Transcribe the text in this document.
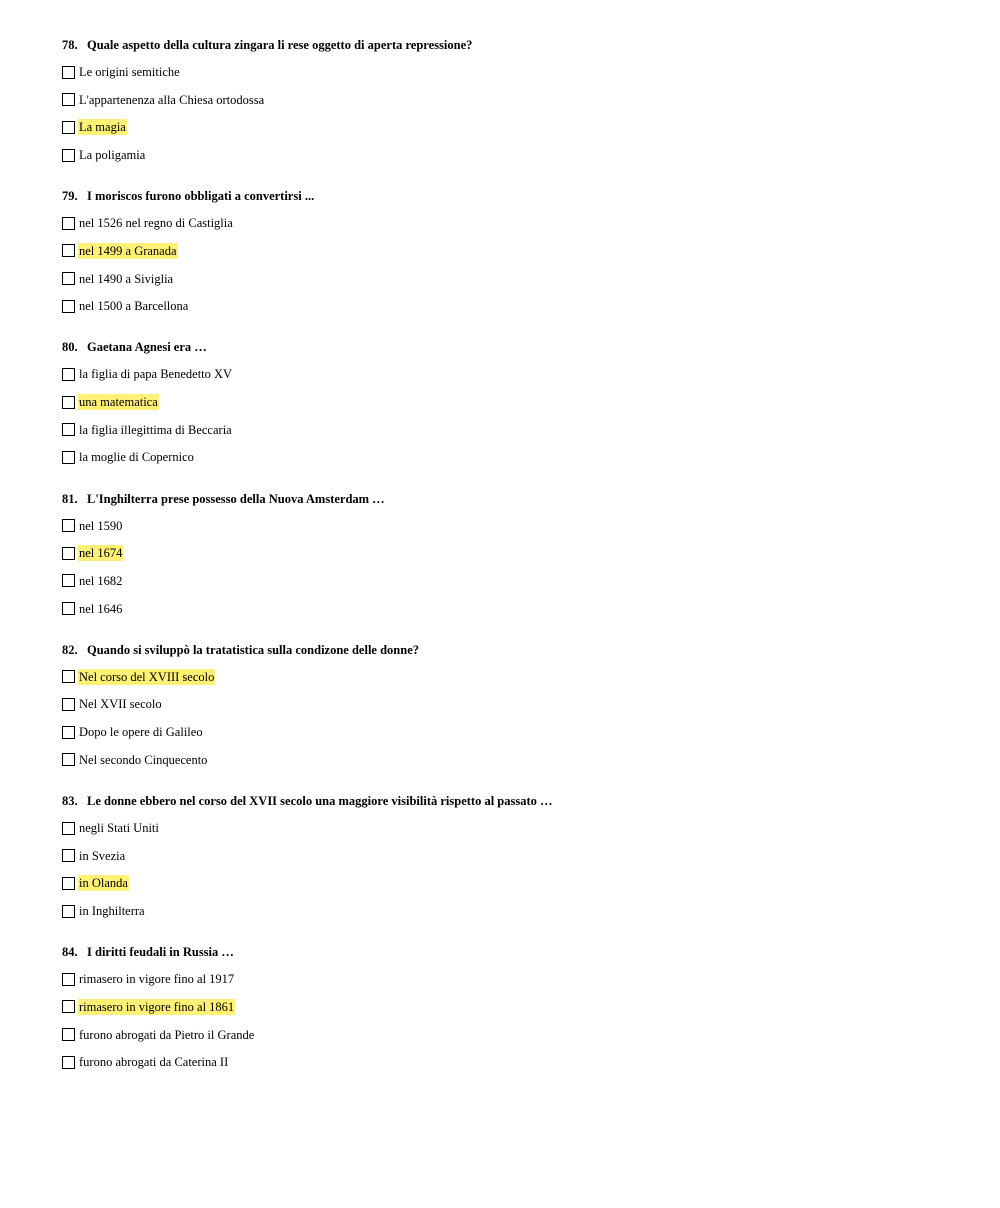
78. Quale aspetto della cultura zingara li rese oggetto di aperta repressione?
Le origini semitiche
L'appartenenza alla Chiesa ortodossa
La magia
La poligamia
79. I moriscos furono obbligati a convertirsi ...
nel 1526 nel regno di Castiglia
nel 1499 a Granada
nel 1490 a Siviglia
nel 1500 a Barcellona
80. Gaetana Agnesi era …
la figlia di papa Benedetto XV
una matematica
la figlia illegittima di Beccaria
la moglie di Copernico
81. L'Inghilterra prese possesso della Nuova Amsterdam …
nel 1590
nel 1674
nel 1682
nel 1646
82. Quando si sviluppò la tratatistica sulla condizone delle donne?
Nel corso del XVIII secolo
Nel XVII secolo
Dopo le opere di Galileo
Nel secondo Cinquecento
83. Le donne ebbero nel corso del XVII secolo una maggiore visibilità rispetto al passato …
negli Stati Uniti
in Svezia
in Olanda
in Inghilterra
84. I diritti feudali in Russia …
rimasero in vigore fino al 1917
rimasero in vigore fino al 1861
furono abrogati da Pietro il Grande
furono abrogati da Caterina II
